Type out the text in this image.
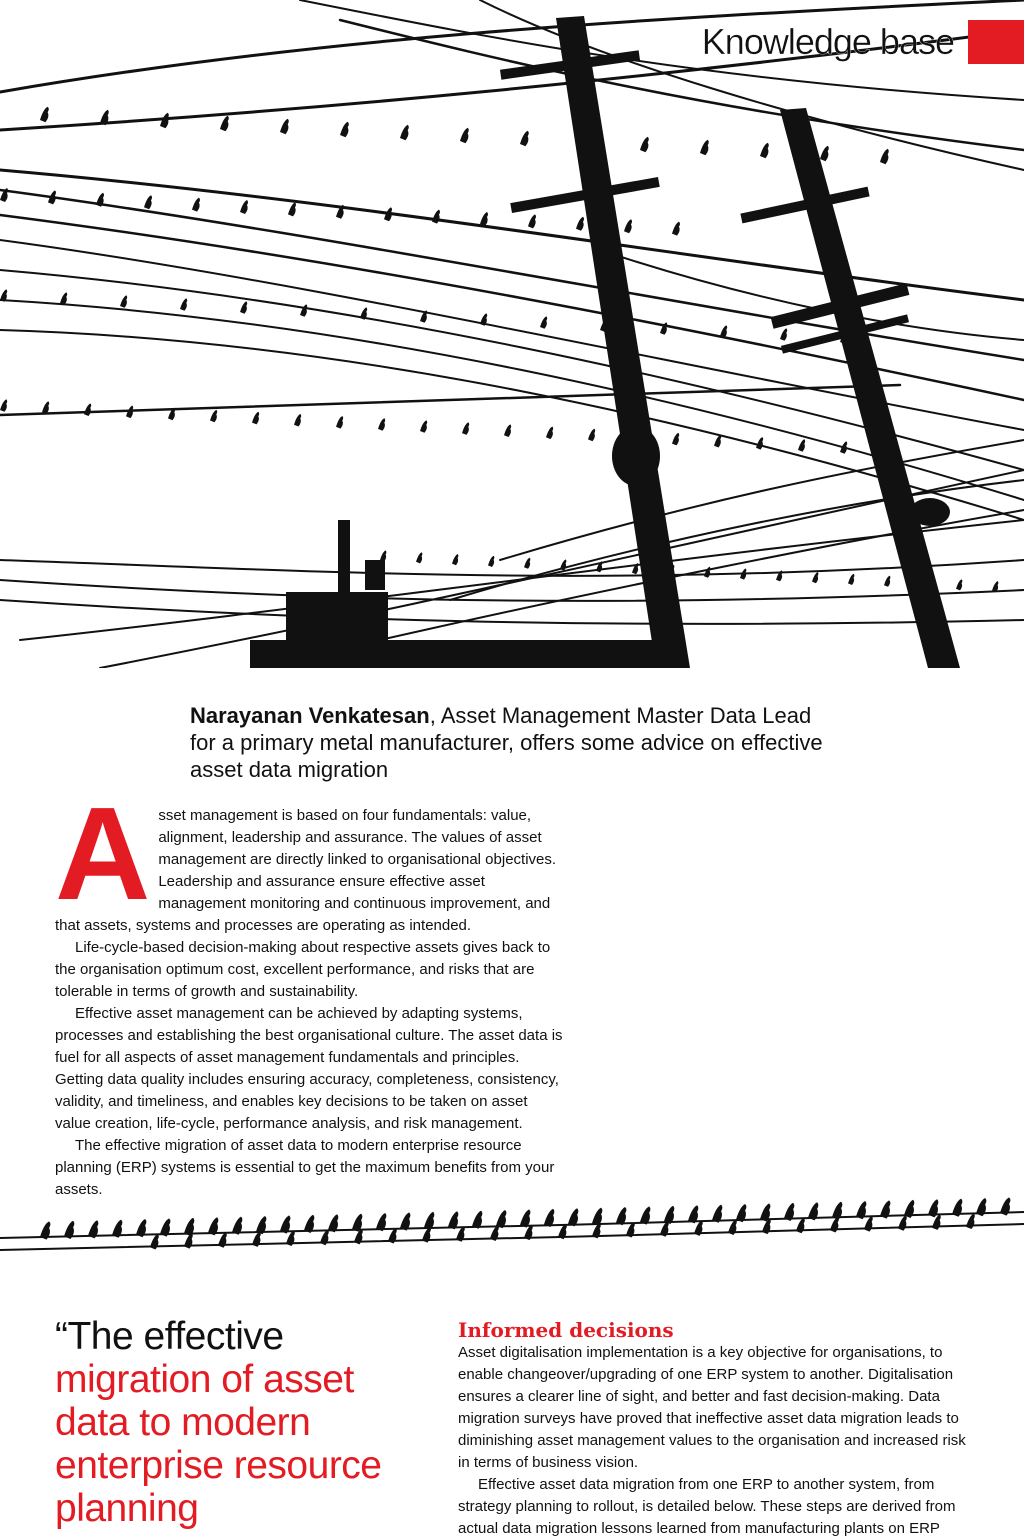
Knowledge base
Narayanan Venkatesan, Asset Management Master Data Lead for a primary metal manufacturer, offers some advice on effective asset data migration

Asset management is based on four fundamentals: value, alignment, leadership and assurance. The values of asset management are directly linked to organisational objectives. Leadership and assurance ensure effective asset management monitoring and continuous improvement, and that assets, systems and processes are operating as intended.

Life-cycle-based decision-making about respective assets gives back to the organisation optimum cost, excellent performance, and risks that are tolerable in terms of growth and sustainability.

Effective asset management can be achieved by adapting systems, processes and establishing the best organisational culture. The asset data is fuel for all aspects of asset management fundamentals and principles. Getting data quality includes ensuring accuracy, completeness, consistency, validity, and timeliness, and enables key decisions to be taken on asset value creation, life-cycle, performance analysis, and risk management.

The effective migration of asset data to modern enterprise resource planning (ERP) systems is essential to get the maximum benefits from your assets.

“The effective
migration of asset data to modern enterprise resource planning
Informed decisions

Asset digitalisation implementation is a key objective for organisations, to enable changeover/upgrading of one ERP system to another. Digitalisation ensures a clearer line of sight, and better and fast decision-making. Data migration surveys have proved that ineffective asset data migration leads to diminishing asset management values to the organisation and increased risk in terms of business vision.

Effective asset data migration from one ERP to another system, from strategy planning to rollout, is detailed below. These steps are derived from actual data migration lessons learned from manufacturing plants on ERP
